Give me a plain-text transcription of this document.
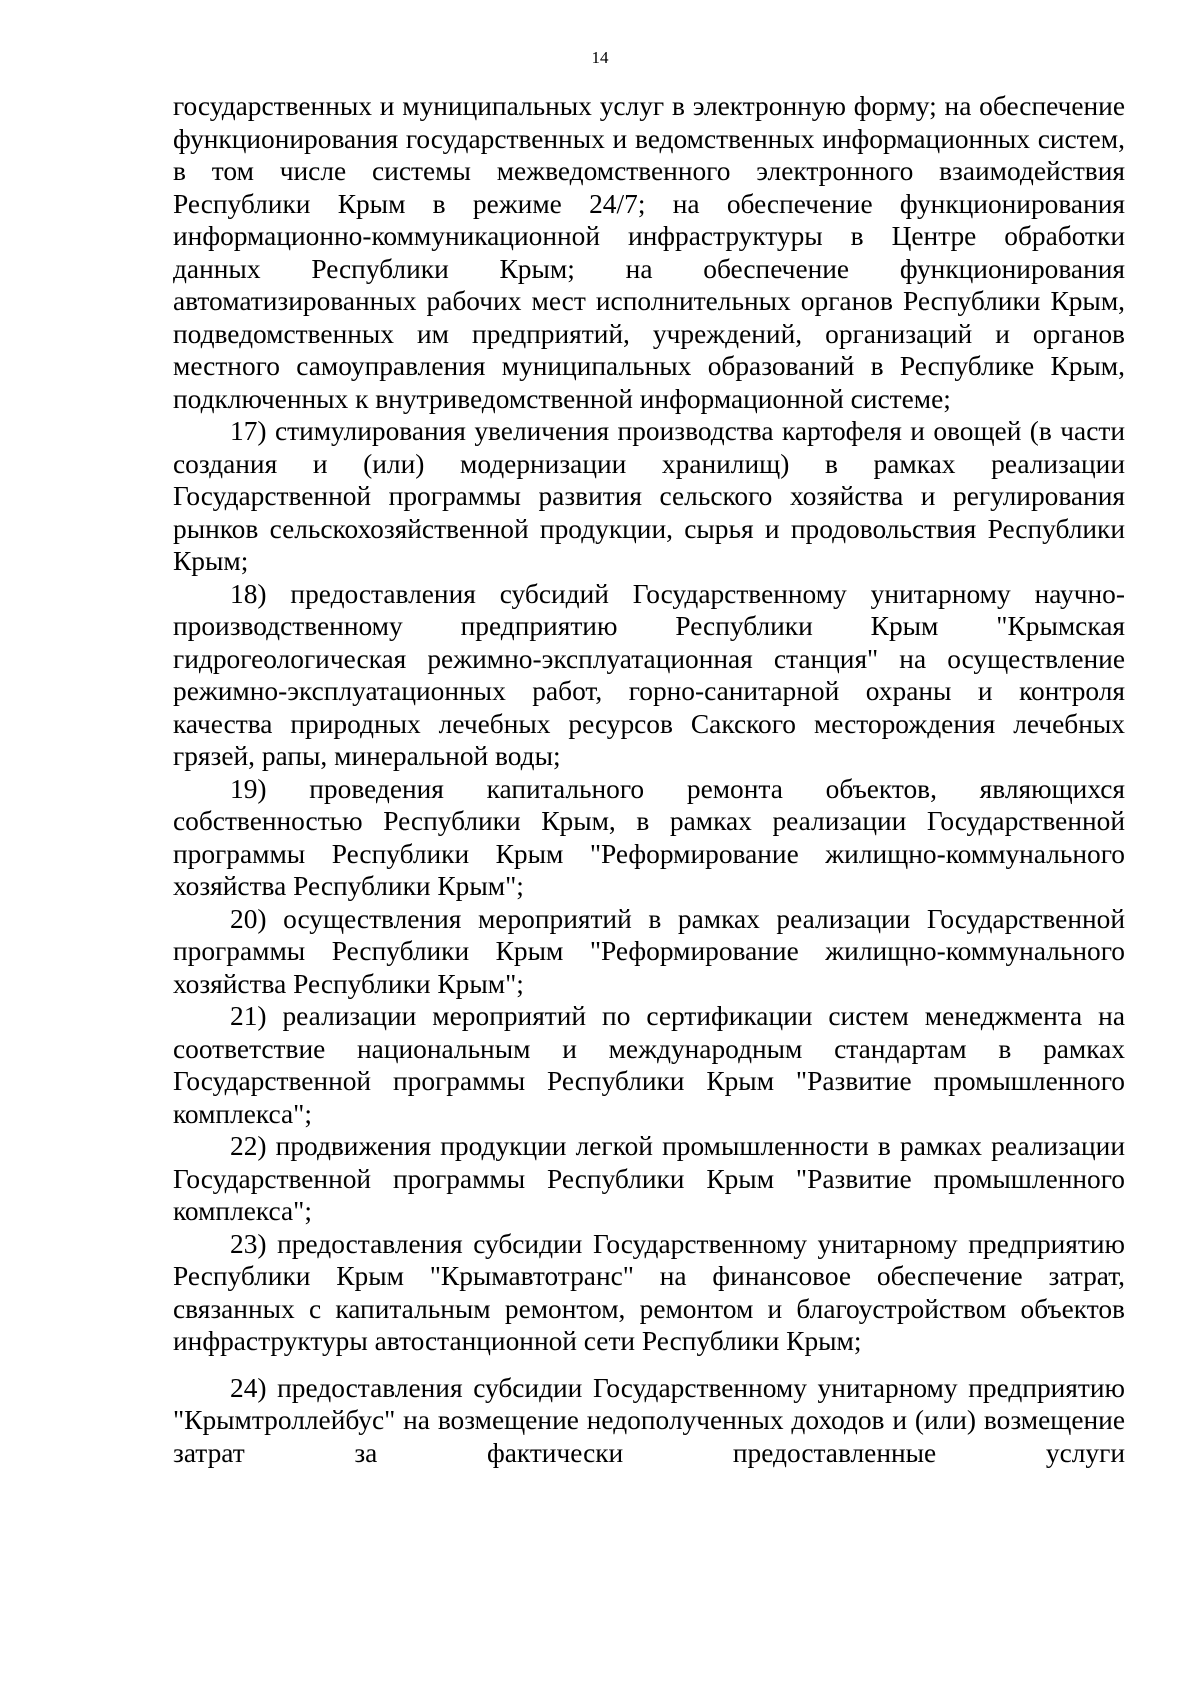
14

государственных и муниципальных услуг в электронную форму; на обеспечение функционирования государственных и ведомственных информационных систем, в том числе системы межведомственного электронного взаимодействия Республики Крым в режиме 24/7; на обеспечение функционирования информационно-коммуникационной инфраструктуры в Центре обработки данных Республики Крым; на обеспечение функционирования автоматизированных рабочих мест исполнительных органов Республики Крым, подведомственных им предприятий, учреждений, организаций и органов местного самоуправления муниципальных образований в Республике Крым, подключенных к внутриведомственной информационной системе;

17) стимулирования увеличения производства картофеля и овощей (в части создания и (или) модернизации хранилищ) в рамках реализации Государственной программы развития сельского хозяйства и регулирования рынков сельскохозяйственной продукции, сырья и продовольствия Республики Крым;

18) предоставления субсидий Государственному унитарному научно-производственному предприятию Республики Крым "Крымская гидрогеологическая режимно-эксплуатационная станция" на осуществление режимно-эксплуатационных работ, горно-санитарной охраны и контроля качества природных лечебных ресурсов Сакского месторождения лечебных грязей, рапы, минеральной воды;

19) проведения капитального ремонта объектов, являющихся собственностью Республики Крым, в рамках реализации Государственной программы Республики Крым "Реформирование жилищно-коммунального хозяйства Республики Крым";

20) осуществления мероприятий в рамках реализации Государственной программы Республики Крым "Реформирование жилищно-коммунального хозяйства Республики Крым";

21) реализации мероприятий по сертификации систем менеджмента на соответствие национальным и международным стандартам в рамках Государственной программы Республики Крым "Развитие промышленного комплекса";

22) продвижения продукции легкой промышленности в рамках реализации Государственной программы Республики Крым "Развитие промышленного комплекса";

23) предоставления субсидии Государственному унитарному предприятию Республики Крым "Крымавтотранс" на финансовое обеспечение затрат, связанных с капитальным ремонтом, ремонтом и благоустройством объектов инфраструктуры автостанционной сети Республики Крым;

24) предоставления субсидии Государственному унитарному предприятию "Крымтроллейбус" на возмещение недополученных доходов и (или) возмещение затрат за фактически предоставленные услуги
